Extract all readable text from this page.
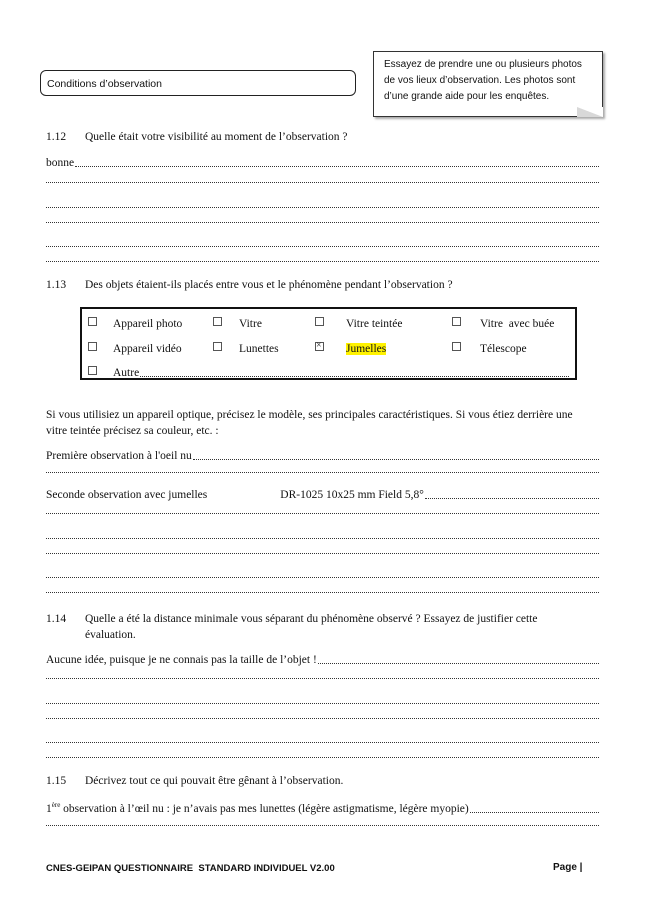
Conditions d’observation
Essayez de prendre une ou plusieurs photos
de vos lieux d’observation. Les photos sont
d’une grande aide pour les enquêtes.
1.12 Quelle était votre visibilité au moment de l’observation ?
bonne
1.13 Des objets étaient-ils placés entre vous et le phénomène pendant l’observation ?
Appareil photo	Vitre	Vitre teintée	Vitre  avec buée
Appareil vidéo	Lunettes
×	Jumelles	Télescope
Autre
Si vous utilisiez un appareil optique, précisez le modèle, ses principales caractéristiques. Si vous étiez derrière une
vitre teintée précisez sa couleur, etc. :
Première observation à l'oeil nu
Seconde observation avec jumelles	DR-1025 10x25 mm Field 5,8°
1.14 Quelle a été la distance minimale vous séparant du phénomène observé ? Essayez de justifier cette
évaluation.
Aucune idée, puisque je ne connais pas la taille de l’objet !
1.15 Décrivez tout ce qui pouvait être gênant à l’observation.
1ère observation à l’œil nu : je n’avais pas mes lunettes (légère astigmatisme, légère myopie)
CNES-GEIPAN QUESTIONNAIRE  STANDARD INDIVIDUEL V2.00	Page |
